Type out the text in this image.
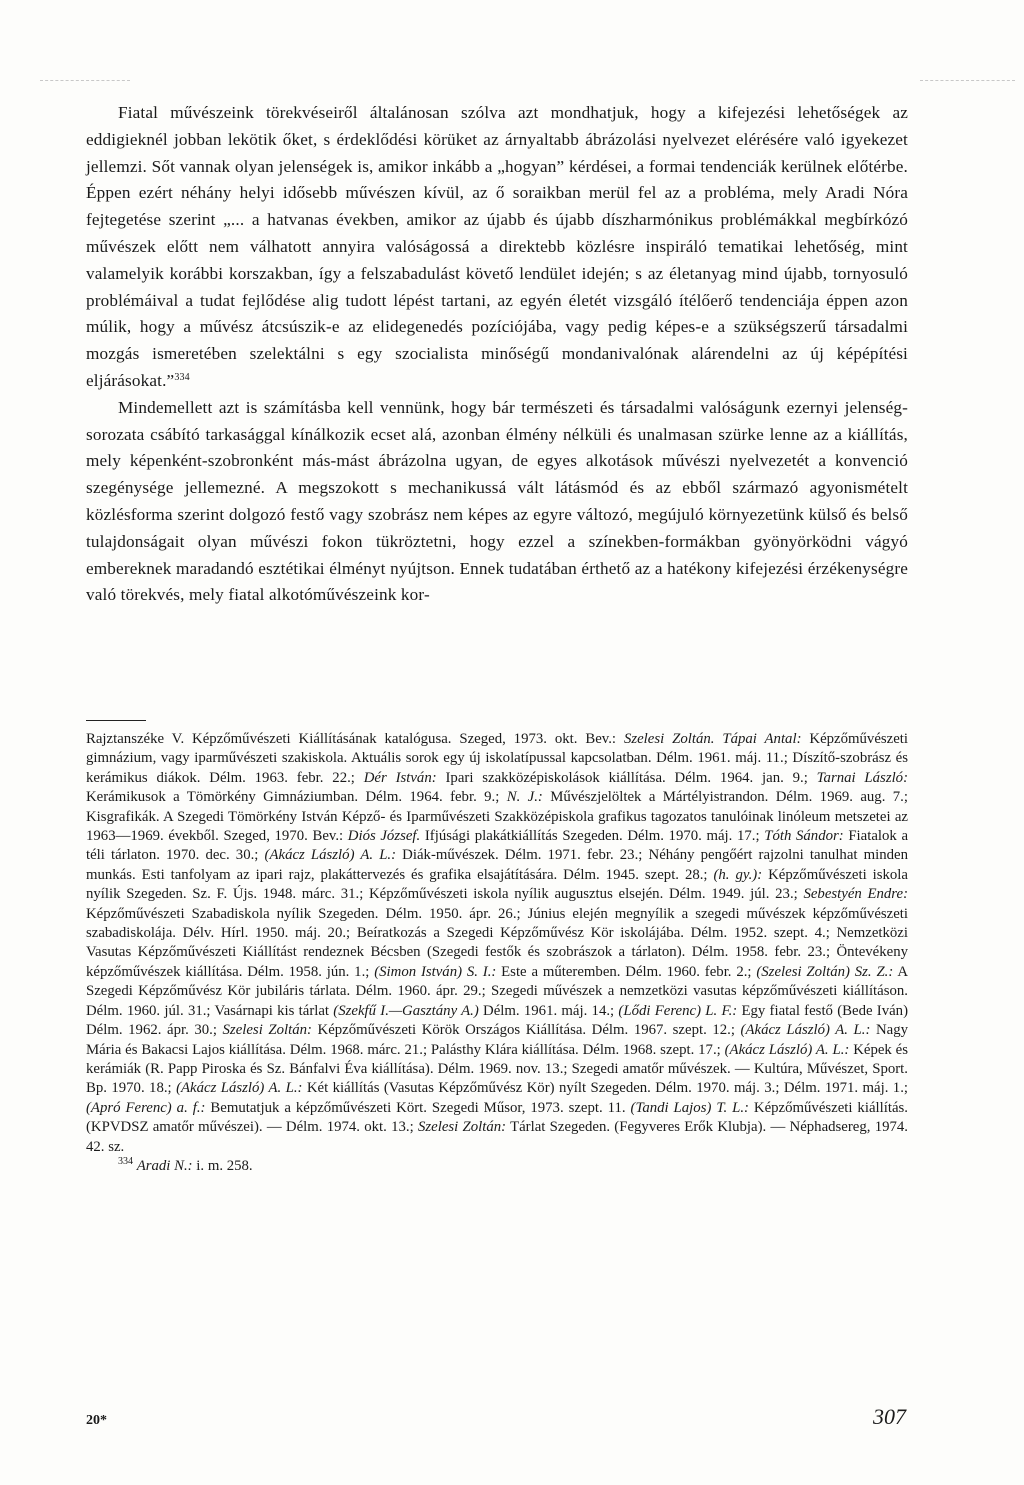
Fiatal művészeink törekvéseiről általánosan szólva azt mondhatjuk, hogy a kifejezési lehetőségek az eddigieknél jobban lekötik őket, s érdeklődési körüket az árnyaltabb ábrázolási nyelvezet elérésére való igyekezet jellemzi. Sőt vannak olyan jelenségek is, amikor inkább a „hogyan” kérdései, a formai tendenciák kerülnek előtérbe. Éppen ezért néhány helyi idősebb művészen kívül, az ő soraikban merül fel az a probléma, mely Aradi Nóra fejtegetése szerint „... a hatvanas években, amikor az újabb és újabb díszharmónikus problémákkal megbírkózó művészek előtt nem válhatott annyira valóságossá a direktebb közlésre inspiráló tematikai lehetőség, mint valamelyik korábbi korszakban, így a felszabadulást követő lendület idején; s az életanyag mind újabb, tornyosuló problémáival a tudat fejlődése alig tudott lépést tartani, az egyén életét vizsgáló ítélőerő tendenciája éppen azon múlik, hogy a művész átcsúszik-e az elidegenedés pozíciójába, vagy pedig képes-e a szükségszerű társadalmi mozgás ismeretében szelektálni s egy szocialista minőségű mondanivalónak alárendelni az új képépítési eljárásokat.”$^{334}$

Mindemellett azt is számításba kell vennünk, hogy bár természeti és társadalmi valóságunk ezernyi jelenség-sorozata csábító tarkasággal kínálkozik ecset alá, azonban élmény nélküli és unalmasan szürke lenne az a kiállítás, mely képenként-szobronként más-mást ábrázolna ugyan, de egyes alkotások művészi nyelvezetét a konvenció szegénysége jellemezné. A megszokott s mechanikussá vált látásmód és az ebből származó agyonismételt közlésforma szerint dolgozó festő vagy szobrász nem képes az egyre változó, megújuló környezetünk külső és belső tulajdonságait olyan művészi fokon tükröztetni, hogy ezzel a színekben-formákban gyönyörködni vágyó embereknek maradandó esztétikai élményt nyújtson. Ennek tudatában érthető az a hatékony kifejezési érzékenységre való törekvés, mely fiatal alkotóművészeink kor-

Rajztanszéke V. Képzőművészeti Kiállításának katalógusa. Szeged, 1973. okt. Bev.: Szelesi Zoltán. Tápai Antal: Képzőművészeti gimnázium, vagy iparművészeti szakiskola. Aktuális sorok egy új iskolatípussal kapcsolatban. Délm. 1961. máj. 11.; Díszítő-szobrász és kerámikus diákok. Délm. 1963. febr. 22.; Dér István: Ipari szakközépiskolások kiállítása. Délm. 1964. jan. 9.; Tarnai László: Kerámikusok a Tömörkény Gimnáziumban. Délm. 1964. febr. 9.; N. J.: Művészjelöltek a Mártélyistrandon. Délm. 1969. aug. 7.; Kisgrafikák. A Szegedi Tömörkény István Képző- és Iparművészeti Szakközépiskola grafikus tagozatos tanulóinak linóleum metszetei az 1963—1969. évekből. Szeged, 1970. Bev.: Diós József. Ifjúsági plakátkiállítás Szegeden. Délm. 1970. máj. 17.; Tóth Sándor: Fiatalok a téli tárlaton. 1970. dec. 30.; (Akácz László) A. L.: Diák-művészek. Délm. 1971. febr. 23.; Néhány pengőért rajzolni tanulhat minden munkás. Esti tanfolyam az ipari rajz, plakáttervezés és grafika elsajátítására. Délm. 1945. szept. 28.; (h. gy.): Képzőművészeti iskola nyílik Szegeden. Sz. F. Újs. 1948. márc. 31.; Képzőművészeti iskola nyílik augusztus elsején. Délm. 1949. júl. 23.; Sebestyén Endre: Képzőművészeti Szabadiskola nyílik Szegeden. Délm. 1950. ápr. 26.; Június elején megnyílik a szegedi művészek képzőművészeti szabadiskolája. Délv. Hírl. 1950. máj. 20.; Beíratkozás a Szegedi Képzőművész Kör iskolájába. Délm. 1952. szept. 4.; Nemzetközi Vasutas Képzőművészeti Kiállítást rendeznek Bécsben (Szegedi festők és szobrászok a tárlaton). Délm. 1958. febr. 23.; Öntevékeny képzőművészek kiállítása. Délm. 1958. jún. 1.; (Simon István) S. I.: Este a műteremben. Délm. 1960. febr. 2.; (Szelesi Zoltán) Sz. Z.: A Szegedi Képzőművész Kör jubiláris tárlata. Délm. 1960. ápr. 29.; Szegedi művészek a nemzetközi vasutas képzőművészeti kiállításon. Délm. 1960. júl. 31.; Vasárnapi kis tárlat (Szekfű I.—Gasztány A.) Délm. 1961. máj. 14.; (Lődi Ferenc) L. F.: Egy fiatal festő (Bede Iván) Délm. 1962. ápr. 30.; Szelesi Zoltán: Képzőművészeti Körök Országos Kiállítása. Délm. 1967. szept. 12.; (Akácz László) A. L.: Nagy Mária és Bakacsi Lajos kiállítása. Délm. 1968. márc. 21.; Palásthy Klára kiállítása. Délm. 1968. szept. 17.; (Akácz László) A. L.: Képek és kerámiák (R. Papp Piroska és Sz. Bánfalvi Éva kiállítása). Délm. 1969. nov. 13.; Szegedi amatőr művészek. — Kultúra, Művészet, Sport. Bp. 1970. 18.; (Akácz László) A. L.: Két kiállítás (Vasutas Képzőművész Kör) nyílt Szegeden. Délm. 1970. máj. 3.; Délm. 1971. máj. 1.; (Apró Ferenc) a. f.: Bemutatjuk a képzőművészeti Kört. Szegedi Műsor, 1973. szept. 11. (Tandi Lajos) T. L.: Képzőművészeti kiállítás. (KPVDSZ amatőr művészei). — Délm. 1974. okt. 13.; Szelesi Zoltán: Tárlat Szegeden. (Fegyveres Erők Klubja). — Néphadsereg, 1974. 42. sz.

$^{334}$ Aradi N.: i. m. 258.

20*	307
